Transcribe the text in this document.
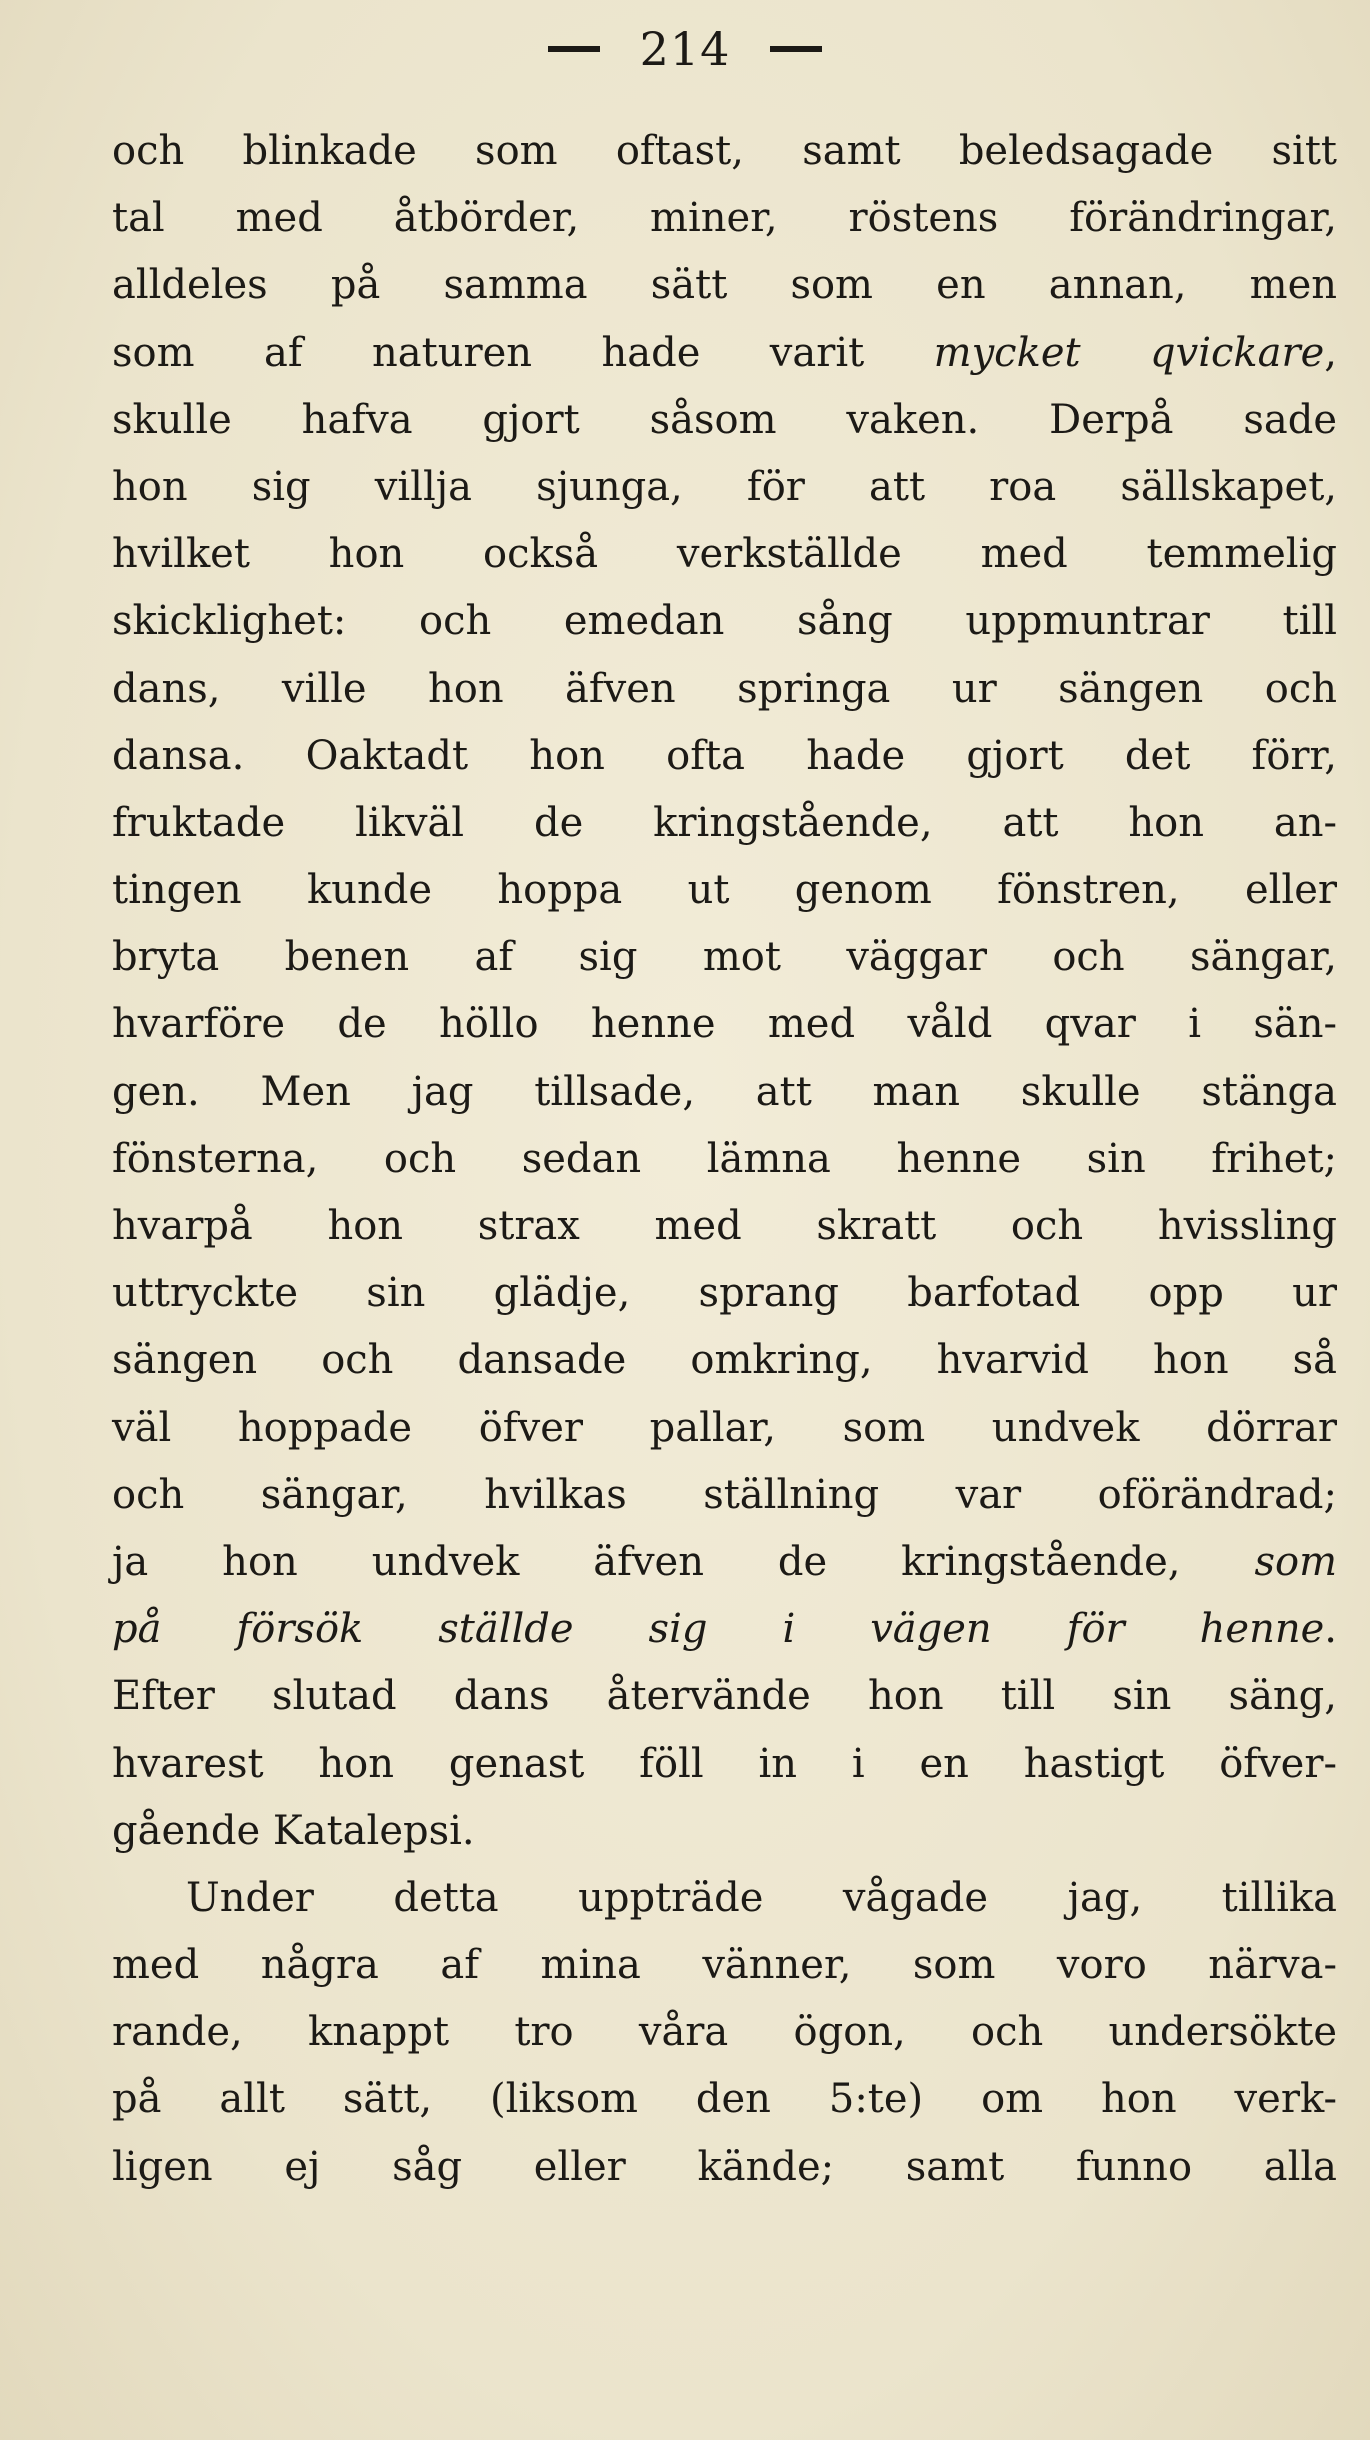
214
och blinkade som oftast, samt beledsagade sitt
tal med åtbörder, miner, röstens förändringar,
alldeles på samma sätt som en annan, men
som af naturen hade varit mycket qvickare,
skulle hafva gjort såsom vaken. Derpå sade
hon sig villja sjunga, för att roa sällskapet,
hvilket hon också verkställde med temmelig
skicklighet: och emedan sång uppmuntrar till
dans, ville hon äfven springa ur sängen och
dansa. Oaktadt hon ofta hade gjort det förr,
fruktade likväl de kringstående, att hon an-
tingen kunde hoppa ut genom fönstren, eller
bryta benen af sig mot väggar och sängar,
hvarföre de höllo henne med våld qvar i sän-
gen. Men jag tillsade, att man skulle stänga
fönsterna, och sedan lämna henne sin frihet;
hvarpå hon strax med skratt och hvissling
uttryckte sin glädje, sprang barfotad opp ur
sängen och dansade omkring, hvarvid hon så
väl hoppade öfver pallar, som undvek dörrar
och sängar, hvilkas ställning var oförändrad;
ja hon undvek äfven de kringstående, som
på försök ställde sig i vägen för henne.
Efter slutad dans återvände hon till sin säng,
hvarest hon genast föll in i en hastigt öfver-
gående Katalepsi.
Under detta uppträde vågade jag, tillika
med några af mina vänner, som voro närva-
rande, knappt tro våra ögon, och undersökte
på allt sätt, (liksom den 5:te) om hon verk-
ligen ej såg eller kände; samt funno alla
